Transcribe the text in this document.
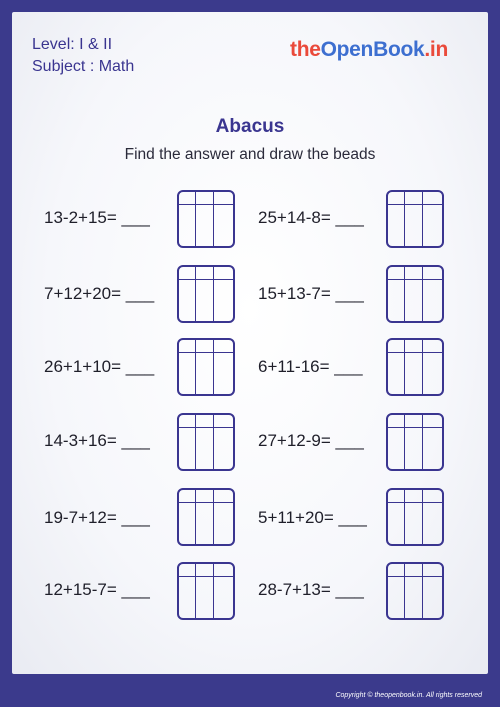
Level: I & II
Subject : Math
theOpenBook.in
Abacus
Find the answer and draw the beads
13-2+15= ___
7+12+20= ___
26+1+10= ___
14-3+16= ___
19-7+12= ___
12+15-7= ___
25+14-8= ___
15+13-7= ___
6+11-16= ___
27+12-9= ___
5+11+20= ___
28-7+13= ___
Copyright © theopenbook.in. All rights reserved
